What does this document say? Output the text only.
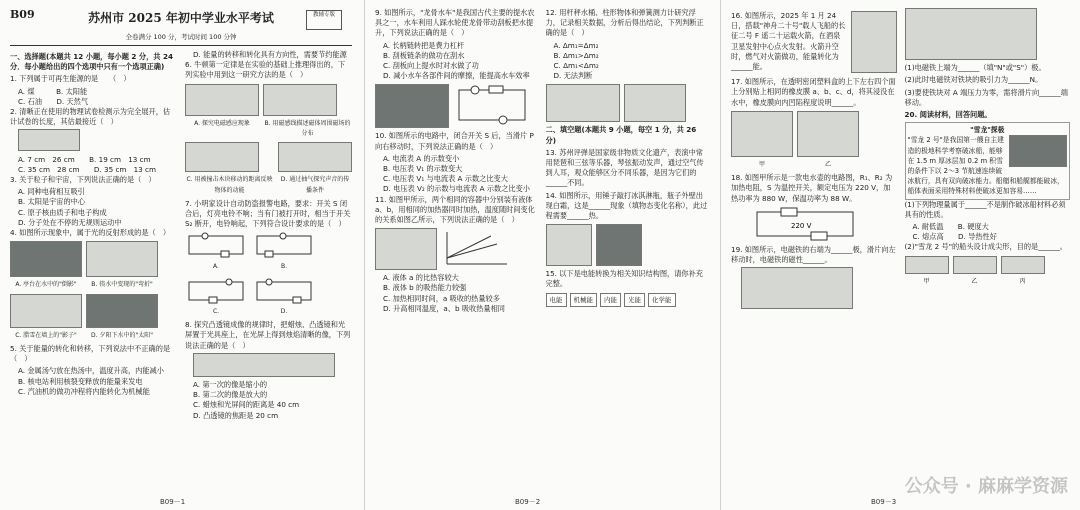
B09	苏州市 2025 年初中学业水平考试	教辅专版
全卷满分 100 分，考试时间 100 分钟
一、选择题(本题共 12 小题，每小题 2 分，共 24 分．每小题给出的四个选项中只有一个选项正确)
1. 下列属于可再生能源的是　　（　）
A. 煤　　　B. 太阳能
C. 石油　　D. 天然气
2. 清晰正在使用的物理试卷检测示为完全展开，估计试卷的长度，其估最接近（　）
A. 7 cm　26 cm　　B. 19 cm　13 cm
C. 35 cm　28 cm　　D. 35 cm　13 cm
3. 关于粒子和宇宙，下列说法正确的是（　）
A. 同种电荷相互吸引
B. 太阳是宇宙的中心
C. 原子核由质子和电子构成
D. 分子处在不停的无规则运动中
4. 如图所示现象中，属于光的反射形成的是（　）
A. 亭台在水中的"倒影"	B. 筷水中变现的"弯折"
C. 腊雪在墙上的"影子"	D. 夕阳下水中的"太阳"
5. 关于能量的转化和转移，下列说法中不正确的是（　）
A. 金属汤勺放在热汤中，温度升高，内能减小
B. 核电站利用核裂变释放的能量来发电
C. 汽油机的做功冲程将内能转化为机械能
D. 能量的转移和转化具有方向性，需要节约能源
6. 牛顿第一定律是在实验的基础上推理得出的，下列实验中用到这一研究方法的是（　）
A. 探究电磁感应现象	B. 用磁感线描述磁体周围磁场的分布
C. 用被撞击木块移动的距离反映物体的动能
D. 通过抽气探究声音的传播条件
7. 小明家设计自动防盗报警电路，要求：开关 S 闭合后，灯亮电铃不响；当有门被打开时，相当于开关 S₂ 断开，电铃响起，下列符合设计要求的是（　）
A.	B.
C.	D.
8. 探究凸透镜成像的规律时，把蜡烛、凸透镜和光屏置于光具座上，在光屏上得到烛焰清晰的像，下列说法正确的是（　）
A. 第一次的像是缩小的
B. 第二次的像是放大的
C. 蜡烛和光屏间的距离是 40 cm
D. 凸透镜的焦距是 20 cm
B09－1
9. 如图所示，"龙骨水车"是我国古代主要的提水农具之一，水车利用人踩水轮使龙骨带动刮板把水提升，下列说法正确的是（　）
A. 长柄链转把是费力杠杆
B. 刮板链条的做功在刮水
C. 刮板向上提水时对水做了功
D. 减小水车各部件间的摩擦，能提高水车效率
10. 如图所示的电路中，闭合开关 S 后，当滑片 P 向右移动时，下列说法正确的是（　）
A. 电流表 A 的示数变小
B. 电压表 V₁ 的示数变大
C. 电压表 V₁ 与电流表 A 示数之比变大
D. 电压表 V₂ 的示数与电流表 A 示数之比变小
11. 如图甲所示，两个相同的容器中分别装有液体 a、b，用相同的加热器同时加热，温度随时间变化的关系如图乙所示，下列说法正确的是（　）
A. 液体 a 的比热容较大
B. 液体 b 的吸热能力较强
C. 加热相同时间，a 吸收的热量较多
D. 升高相同温度，a、b 吸收热量相同
12. 用杆秤水桶、柱形物体和弹簧测力计研究浮力，记录相关数据，分析后得出结论，下列判断正确的是（　）
A. Δm₁=Δm₂
B. Δm₁>Δm₂
C. Δm₁<Δm₂
D. 无法判断
二、填空题(本题共 9 小题，每空 1 分，共 26 分)
13. 苏州评弹是国家级非物质文化遗产，表演中常用琵琶和三弦等乐器，琴弦振动发声，通过空气传到人耳，观众能够区分不同乐器，是因为它们的______不同。
14. 如图所示，用锤子敲打冰淇淋瓶，瓶子外壁出现白霜，这是______现象（填物态变化名称），此过程需要______热。
15. 以下是电能转换为相关知识结构图，请你补充完整。
电能	机械能	内能	光能	化学能
B09－2
16. 如图所示，2025 年 1 月 24 日，搭载"神舟二十号"载人飞船的长征二号 F 遥二十运载火箭，在酒泉卫星发射中心点火发射。火箭升空时，燃气对火箭做功，能量转化为______能。
17. 如图所示，在透明密闭塑料盒的上下左右四个面上分别贴上相同的橡皮膜 a、b、c、d，将其浸没在水中，橡皮膜向内凹陷程度说明______。
甲	乙
18. 如图甲所示是一款电水壶的电路图，R₁、R₂ 为加热电阻，S 为温控开关，额定电压为 220 V，加热功率为 880 W，保温功率为 88 W。
220 V
19. 如图所示，电磁铁的右端为______极，滑片向左移动时，电磁铁的磁性______。
(1)电磁铁上端为______（填"N"或"S"）极。
(2)此时电磁铁对铁块的吸引力为______N。
(3)要使铁块对 A 端压力为零，需将滑片向______端移动。
20. 阅读材料，回答问题。
"雪龙"探极
"雪龙 2 号"是我国第一艘自主建造的极地科学考察破冰船，能够在 1.5 m 厚冰层加 0.2 m 积雪的条件下以 2～3 节航速连续破冰航行，具有双向破冰能力。船艏和船艉都能破冰，船体表面采用特殊材料使破冰更加容易……
(1)下列物理量属于______不是制作破冰船材料必须具有的性质。
A. 耐低温　　B. 硬度大
C. 熔点高　　D. 导热性好
(2)"雪龙 2 号"的船头设计成尖形，目的是______。
甲	乙	丙
B09－3
公众号 · 麻麻学资源
